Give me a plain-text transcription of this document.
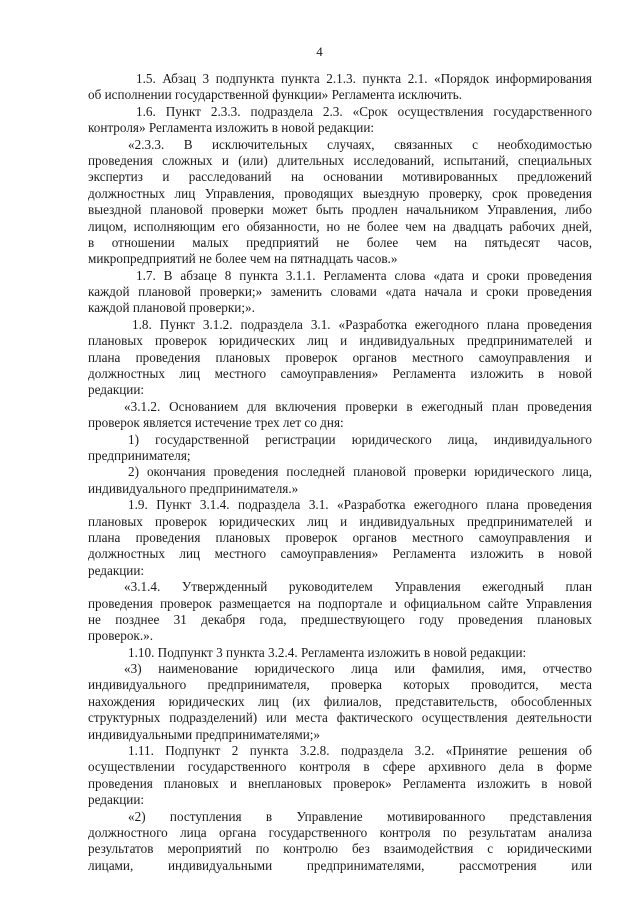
4
1.5. Абзац 3 подпункта пункта 2.1.3. пункта 2.1. «Порядок информирования
об исполнении государственной функции» Регламента исключить.
1.6. Пункт 2.3.3. подраздела 2.3. «Срок осуществления государственного
контроля» Регламента изложить в новой редакции:
«2.3.3. В исключительных случаях, связанных с необходимостью
проведения сложных и (или) длительных исследований, испытаний, специальных
экспертиз и расследований на основании мотивированных предложений
должностных лиц Управления, проводящих выездную проверку, срок проведения
выездной плановой проверки может быть продлен начальником Управления, либо
лицом, исполняющим его обязанности, но не более чем на двадцать рабочих дней,
в отношении малых предприятий не более чем на пятьдесят часов,
микропредприятий не более чем на пятнадцать часов.»
1.7. В абзаце 8 пункта 3.1.1. Регламента слова «дата и сроки проведения
каждой плановой проверки;» заменить словами «дата начала и сроки проведения
каждой плановой проверки;».
1.8. Пункт 3.1.2. подраздела 3.1. «Разработка ежегодного плана проведения
плановых проверок юридических лиц и индивидуальных предпринимателей и
плана проведения плановых проверок органов местного самоуправления и
должностных лиц местного самоуправления» Регламента изложить в новой
редакции:
«3.1.2. Основанием для включения проверки в ежегодный план проведения
проверок является истечение трех лет со дня:
1) государственной регистрации юридического лица, индивидуального
предпринимателя;
2) окончания проведения последней плановой проверки юридического лица,
индивидуального предпринимателя.»
1.9. Пункт 3.1.4. подраздела 3.1. «Разработка ежегодного плана проведения
плановых проверок юридических лиц и индивидуальных предпринимателей и
плана проведения плановых проверок органов местного самоуправления и
должностных лиц местного самоуправления» Регламента изложить в новой
редакции:
«3.1.4. Утвержденный руководителем Управления ежегодный план
проведения проверок размещается на подпортале и официальном сайте Управления
не позднее 31 декабря года, предшествующего году проведения плановых
проверок.».
1.10. Подпункт 3 пункта 3.2.4. Регламента изложить в новой редакции:
«3) наименование юридического лица или фамилия, имя, отчество
индивидуального предпринимателя, проверка которых проводится, места
нахождения юридических лиц (их филиалов, представительств, обособленных
структурных подразделений) или места фактического осуществления деятельности
индивидуальными предпринимателями;»
1.11. Подпункт 2 пункта 3.2.8. подраздела 3.2. «Принятие решения об
осуществлении государственного контроля в сфере архивного дела в форме
проведения плановых и внеплановых проверок» Регламента изложить в новой
редакции:
«2) поступления в Управление мотивированного представления
должностного лица органа государственного контроля по результатам анализа
результатов мероприятий по контролю без взаимодействия с юридическими
лицами, индивидуальными предпринимателями, рассмотрения или
